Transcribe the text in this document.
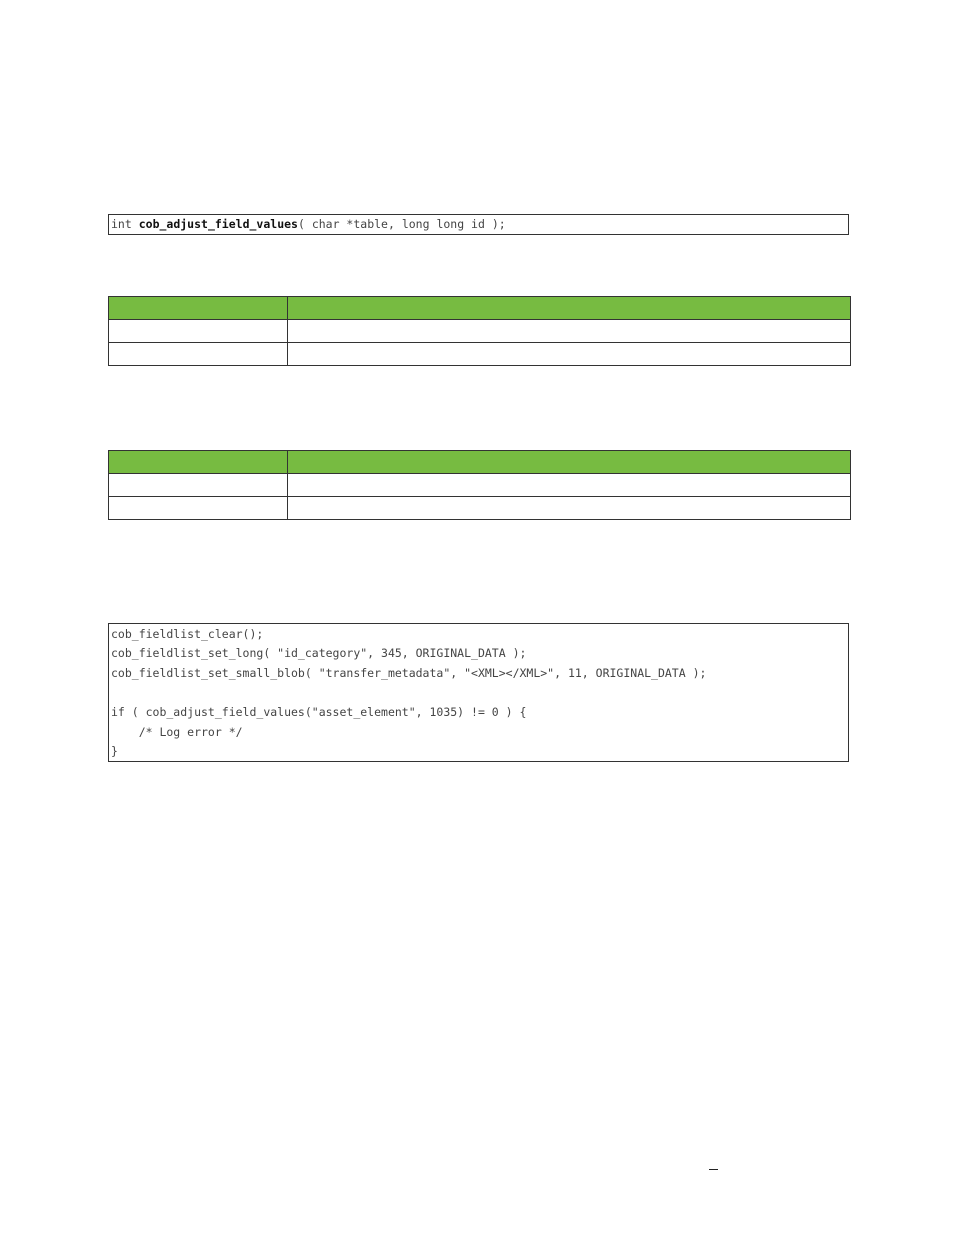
int cob_adjust_field_values( char *table, long long id );

cob_fieldlist_clear();
cob_fieldlist_set_long( "id_category", 345, ORIGINAL_DATA );
cob_fieldlist_set_small_blob( "transfer_metadata", "<XML></XML>", 11, ORIGINAL_DATA );
if ( cob_adjust_field_values("asset_element", 1035) != 0 ) {
/* Log error */
}
